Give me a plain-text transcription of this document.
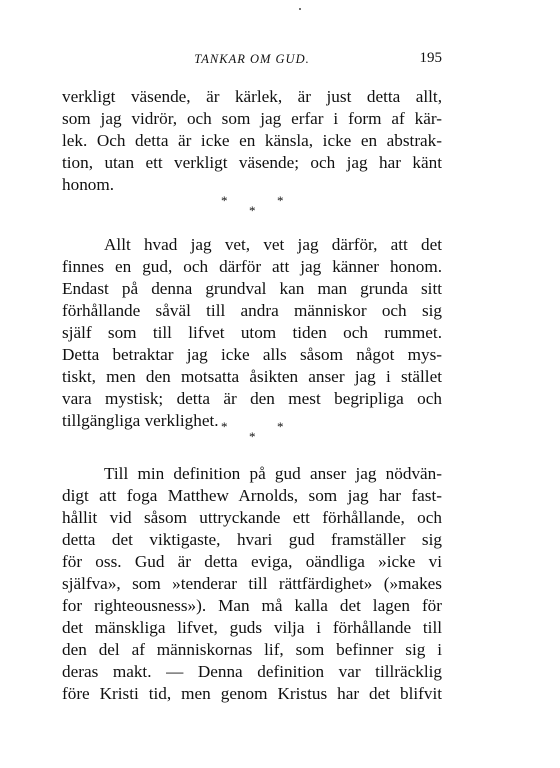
TANKAR OM GUD.	195
verkligt väsende, är kärlek, är just detta allt,
som jag vidrör, och som jag erfar i form af kär-
lek. Och detta är icke en känsla, icke en abstrak-
tion, utan ett verkligt väsende; och jag har känt
honom.
*
*
*
Allt hvad jag vet, vet jag därför, att det
finnes en gud, och därför att jag känner honom.
Endast på denna grundval kan man grunda sitt
förhållande såväl till andra människor och sig
själf som till lifvet utom tiden och rummet.
Detta betraktar jag icke alls såsom något mys-
tiskt, men den motsatta åsikten anser jag i stället
vara mystisk; detta är den mest begripliga och
tillgängliga verklighet. *
*
*
Till min definition på gud anser jag nödvän-
digt att foga Matthew Arnolds, som jag har fast-
hållit vid såsom uttryckande ett förhållande, och
detta det viktigaste, hvari gud framställer sig
för oss. Gud är detta eviga, oändliga »icke vi
själfva», som »tenderar till rättfärdighet» (»makes
for righteousness»). Man må kalla det lagen för
det mänskliga lifvet, guds vilja i förhållande till
den del af människornas lif, som befinner sig i
deras makt. — Denna definition var tillräcklig
före Kristi tid, men genom Kristus har det blifvit
